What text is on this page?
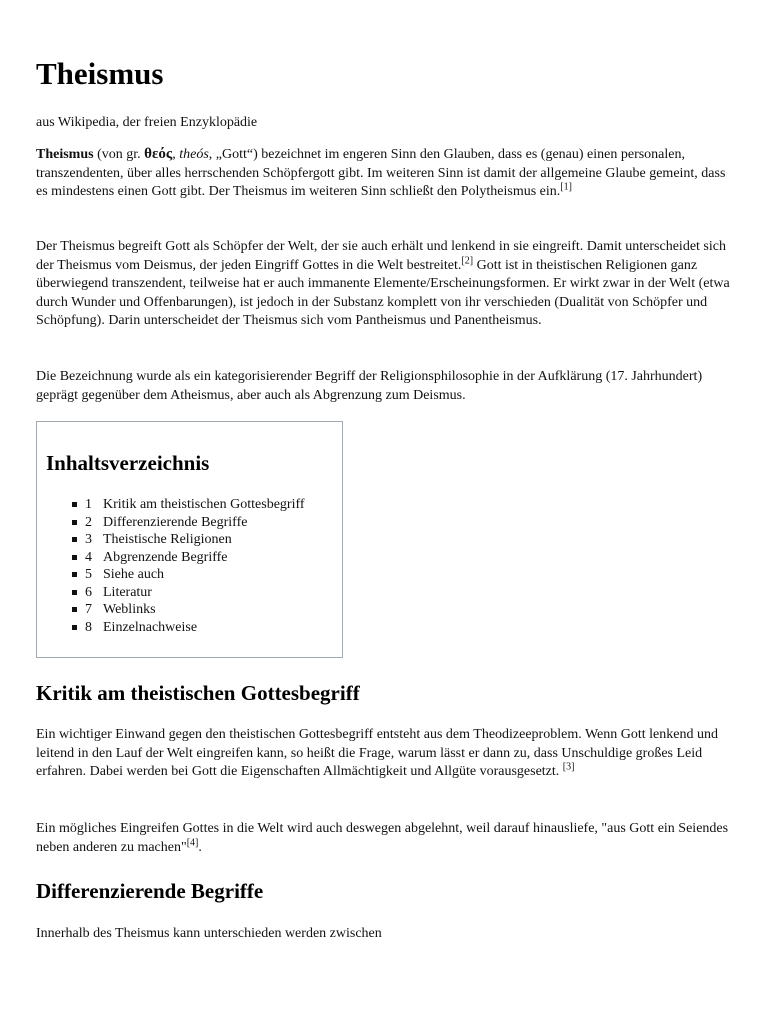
Theismus

aus Wikipedia, der freien Enzyklopädie

Theismus (von gr. θεός, theós, „Gott“) bezeichnet im engeren Sinn den Glauben, dass es (genau) einen personalen, transzendenten, über alles herrschenden Schöpfergott gibt. Im weiteren Sinn ist damit der allgemeine Glaube gemeint, dass es mindestens einen Gott gibt. Der Theismus im weiteren Sinn schließt den Polytheismus ein.[1]

Der Theismus begreift Gott als Schöpfer der Welt, der sie auch erhält und lenkend in sie eingreift. Damit unterscheidet sich der Theismus vom Deismus, der jeden Eingriff Gottes in die Welt bestreitet.[2] Gott ist in theistischen Religionen ganz überwiegend transzendent, teilweise hat er auch immanente Elemente/Erscheinungsformen. Er wirkt zwar in der Welt (etwa durch Wunder und Offenbarungen), ist jedoch in der Substanz komplett von ihr verschieden (Dualität von Schöpfer und Schöpfung). Darin unterscheidet der Theismus sich vom Pantheismus und Panentheismus.

Die Bezeichnung wurde als ein kategorisierender Begriff der Religionsphilosophie in der Aufklärung (17. Jahrhundert) geprägt gegenüber dem Atheismus, aber auch als Abgrenzung zum Deismus.

Inhaltsverzeichnis
1 Kritik am theistischen Gottesbegriff
2 Differenzierende Begriffe
3 Theistische Religionen
4 Abgrenzende Begriffe
5 Siehe auch
6 Literatur
7 Weblinks
8 Einzelnachweise
Kritik am theistischen Gottesbegriff

Ein wichtiger Einwand gegen den theistischen Gottesbegriff entsteht aus dem Theodizeeproblem. Wenn Gott lenkend und leitend in den Lauf der Welt eingreifen kann, so heißt die Frage, warum lässt er dann zu, dass Unschuldige großes Leid erfahren. Dabei werden bei Gott die Eigenschaften Allmächtigkeit und Allgüte vorausgesetzt. [3]

Ein mögliches Eingreifen Gottes in die Welt wird auch deswegen abgelehnt, weil darauf hinausliefe, "aus Gott ein Seiendes neben anderen zu machen"[4].

Differenzierende Begriffe

Innerhalb des Theismus kann unterschieden werden zwischen
